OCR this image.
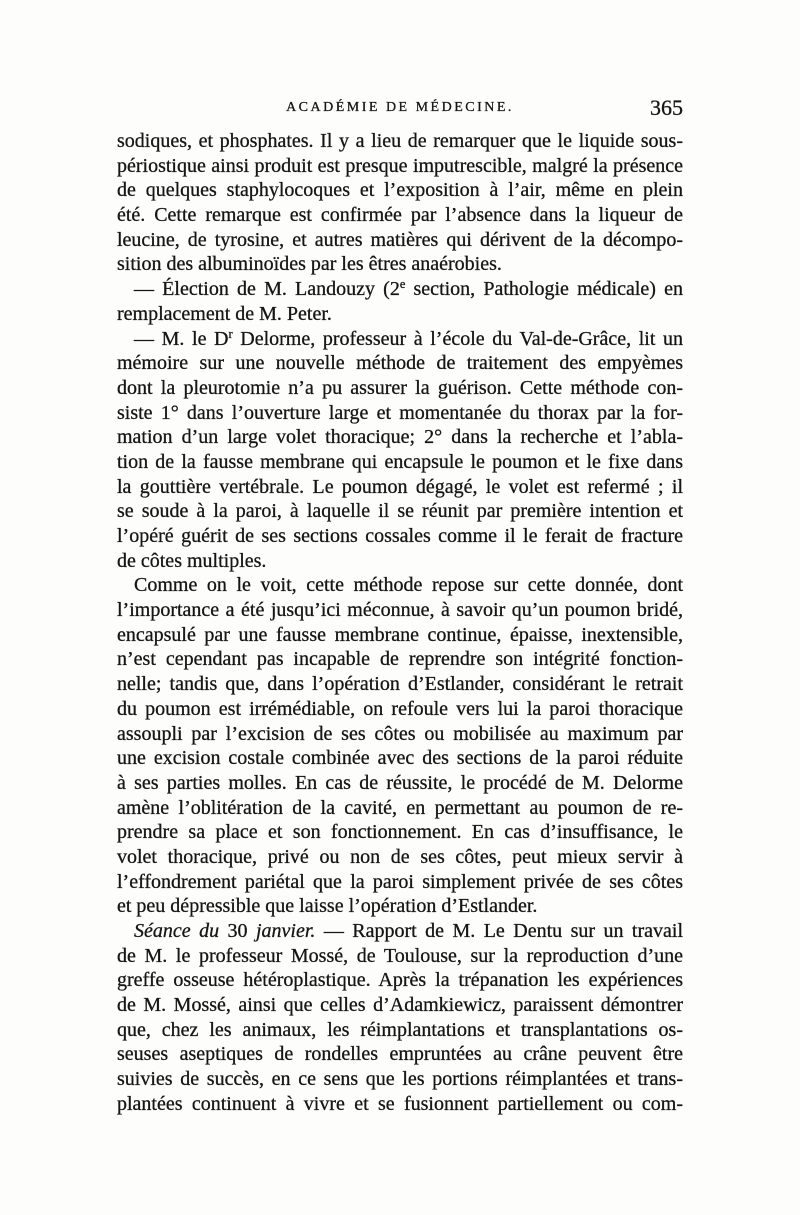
ACADÉMIE DE MÉDECINE.	365
sodiques, et phosphates. Il y a lieu de remarquer que le liquide sous-
périostique ainsi produit est presque imputrescible, malgré la présence
de quelques staphylocoques et l’exposition à l’air, même en plein
été. Cette remarque est confirmée par l’absence dans la liqueur de
leucine, de tyrosine, et autres matières qui dérivent de la décompo-
sition des albuminoïdes par les êtres anaérobies.
— Élection de M. Landouzy (2e section, Pathologie médicale) en
remplacement de M. Peter.
— M. le $D^r$ Delorme, professeur à l’école du Val-de-Grâce, lit un
mémoire sur une nouvelle méthode de traitement des empyèmes
dont la pleurotomie n’a pu assurer la guérison. Cette méthode con-
siste 1° dans l’ouverture large et momentanée du thorax par la for-
mation d’un large volet thoracique; 2° dans la recherche et l’abla-
tion de la fausse membrane qui encapsule le poumon et le fixe dans
la gouttière vertébrale. Le poumon dégagé, le volet est refermé ; il
se soude à la paroi, à laquelle il se réunit par première intention et
l’opéré guérit de ses sections cossales comme il le ferait de fracture
de côtes multiples.
Comme on le voit, cette méthode repose sur cette donnée, dont
l’importance a été jusqu’ici méconnue, à savoir qu’un poumon bridé,
encapsulé par une fausse membrane continue, épaisse, inextensible,
n’est cependant pas incapable de reprendre son intégrité fonction-
nelle; tandis que, dans l’opération d’Estlander, considérant le retrait
du poumon est irrémédiable, on refoule vers lui la paroi thoracique
assoupli par l’excision de ses côtes ou mobilisée au maximum par
une excision costale combinée avec des sections de la paroi réduite
à ses parties molles. En cas de réussite, le procédé de M. Delorme
amène l’oblitération de la cavité, en permettant au poumon de re-
prendre sa place et son fonctionnement. En cas d’insuffisance, le
volet thoracique, privé ou non de ses côtes, peut mieux servir à
l’effondrement pariétal que la paroi simplement privée de ses côtes
et peu dépressible que laisse l’opération d’Estlander.
Séance du 30 janvier. — Rapport de M. Le Dentu sur un travail
de M. le professeur Mossé, de Toulouse, sur la reproduction d’une
greffe osseuse hétéroplastique. Après la trépanation les expériences
de M. Mossé, ainsi que celles d’Adamkiewicz, paraissent démontrer
que, chez les animaux, les réimplantations et transplantations os-
seuses aseptiques de rondelles empruntées au crâne peuvent être
suivies de succès, en ce sens que les portions réimplantées et trans-
plantées continuent à vivre et se fusionnent partiellement ou com-
